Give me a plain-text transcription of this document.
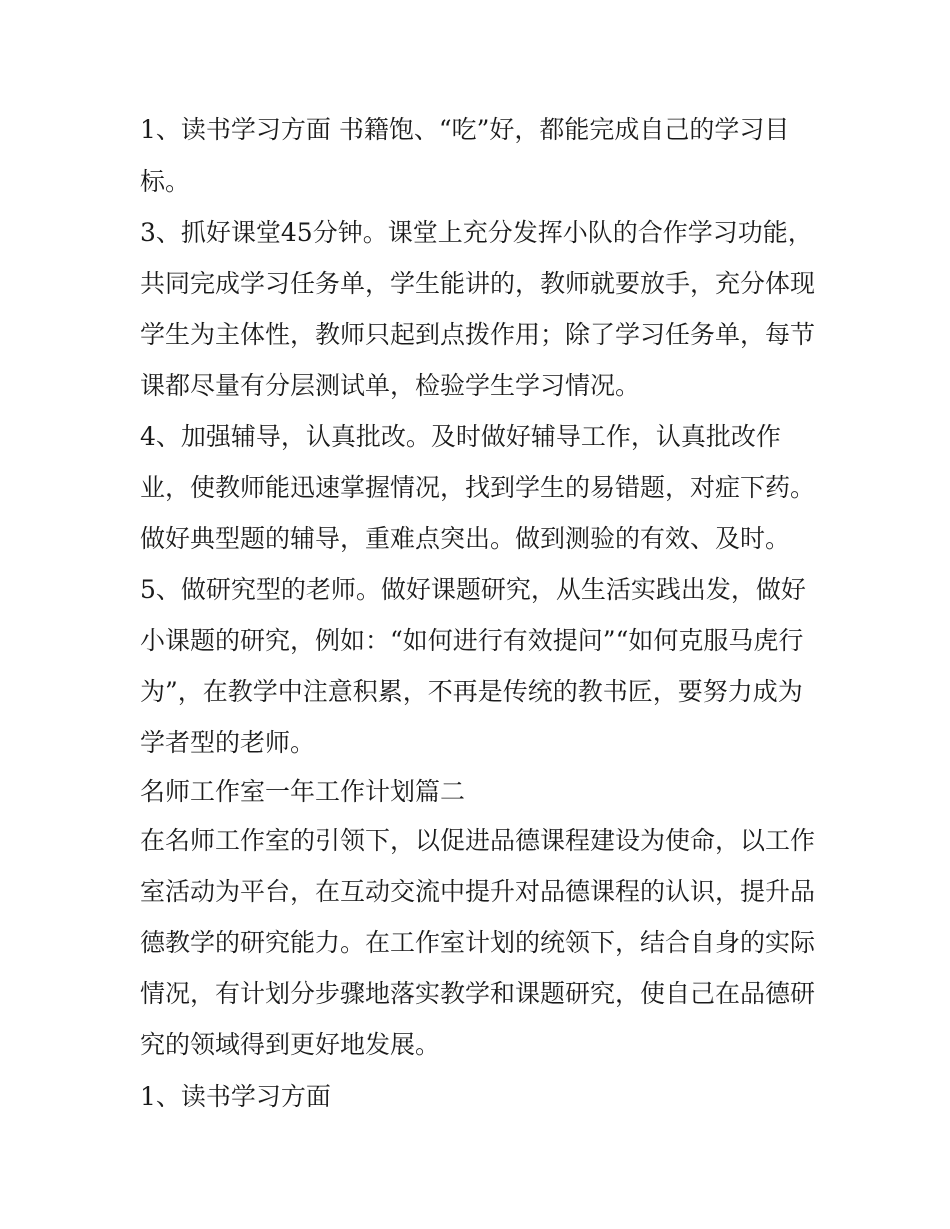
1、读书学习方面 书籍饱、“吃”好，都能完成自己的学习目
标。
3、抓好课堂45分钟。课堂上充分发挥小队的合作学习功能，
共同完成学习任务单，学生能讲的，教师就要放手，充分体现
学生为主体性，教师只起到点拨作用；除了学习任务单，每节
课都尽量有分层测试单，检验学生学习情况。
4、加强辅导，认真批改。及时做好辅导工作，认真批改作
业，使教师能迅速掌握情况，找到学生的易错题，对症下药。
做好典型题的辅导，重难点突出。做到测验的有效、及时。
5、做研究型的老师。做好课题研究，从生活实践出发，做好
小课题的研究，例如：“如何进行有效提问”“如何克服马虎行
为”，在教学中注意积累，不再是传统的教书匠，要努力成为
学者型的老师。
名师工作室一年工作计划篇二
在名师工作室的引领下，以促进品德课程建设为使命，以工作
室活动为平台，在互动交流中提升对品德课程的认识，提升品
德教学的研究能力。在工作室计划的统领下，结合自身的实际
情况，有计划分步骤地落实教学和课题研究，使自己在品德研
究的领域得到更好地发展。
1、读书学习方面
